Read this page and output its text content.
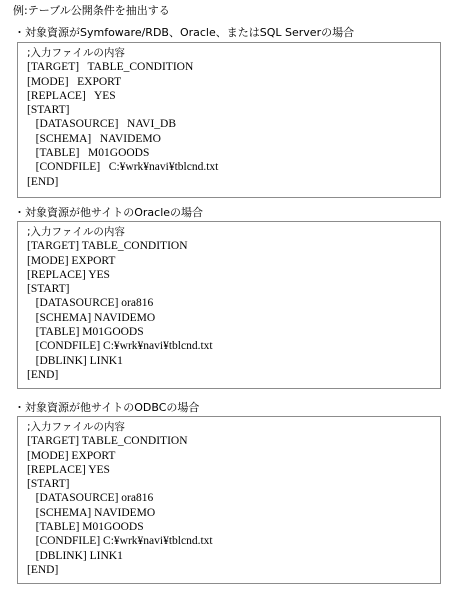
例:テーブル公開条件を抽出する
・対象資源がSymfoware/RDB、Oracle、またはSQL Serverの場合
;入力ファイルの内容
[TARGET]   TABLE_CONDITION
[MODE]   EXPORT
[REPLACE]   YES
[START]
[DATASOURCE]   NAVI_DB
[SCHEMA]   NAVIDEMO
[TABLE]   M01GOODS
[CONDFILE]   C:¥wrk¥navi¥tblcnd.txt
[END]
・対象資源が他サイトのOracleの場合
;入力ファイルの内容
[TARGET] TABLE_CONDITION
[MODE] EXPORT
[REPLACE] YES
[START]
[DATASOURCE] ora816
[SCHEMA] NAVIDEMO
[TABLE] M01GOODS
[CONDFILE] C:¥wrk¥navi¥tblcnd.txt
[DBLINK] LINK1
[END]
・対象資源が他サイトのODBCの場合
;入力ファイルの内容
[TARGET] TABLE_CONDITION
[MODE] EXPORT
[REPLACE] YES
[START]
[DATASOURCE] ora816
[SCHEMA] NAVIDEMO
[TABLE] M01GOODS
[CONDFILE] C:¥wrk¥navi¥tblcnd.txt
[DBLINK] LINK1
[END]
